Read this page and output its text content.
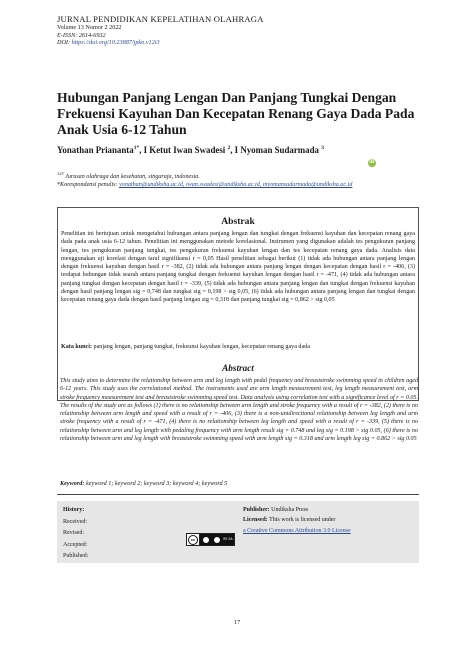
JURNAL PENDIDIKAN KEPELATIHAN OLAHRAGA
Volume 13 Nomor 2 2022
E-ISSN: 2614-6932
DOI: https://doi.org/10.23887/jpko.v12i3
Hubungan Panjang Lengan Dan Panjang Tungkai Dengan Frekuensi Kayuhan Dan Kecepatan Renang Gaya Dada Pada Anak Usia 6-12 Tahun
Yonathan Priananta$^{1*}$, I Ketut Iwan Swadesi $^2$, I Nyoman Sudarmada $^3$
iD
$^{123}$ Jurusan olahraga dan kesehatan, singaraja, indonesia.
*Korespondensi penulis: yonathan@undiksha.ac.id, iwan.swadesi@undiksha.ac.id, inyomansudarmada@undiksha.ac.id
Abstrak
Penelitian ini bertujuan untuk mengetahui hubungan antara panjang lengan dan tungkai dengan frekuensi kayuhan dan kecepatan renang gaya dada pada anak usia 6-12 tahun. Penelitian ini menggunakan metode korelasional. Instrumen yang digunakan adalah tes pengukuran panjang lengan, tes pengukuran panjang tungkai, tes pengukuran frekuensi kayuhan lengan dan tes kecepatan renang gaya dada. Analisis data menggunakan uji korelasi dengan taraf signifikansi r = 0,05 Hasil penelitian sebagai berikut (1) tidak ada hubungan antara panjang lengan dengan frekuensi kayuhan dengan hasil r = -382, (2) tidak ada hubungan antara panjang lengan dengan kecepatan dengan hasil r = -406, (3) terdapat hubungan tidak searah antara panjang tungkai dengan frekuensi kayuhan lengan dengan hasil r = -471, (4) tidak ada hubungan antara panjang tungkai dengan kecepatan dengan hasil r = -339, (5) tidak ada hubungan antara panjang lengan dan tungkai dengan frekuensi kayuhan dengan hasil panjang lengan sig = 0,748 dan tungkai sig = 0,198 > sig 0,05, (6) tidak ada hubungan antara panjang lengan dan tungkai dengan kecepatan renang gaya dada dengan hasil panjang lengan sig = 0,318 dan panjang tungkai sig = 0,862 > sig 0,05
Kata kunci: panjang lengan, panjang tungkai, frekeunsi kayuhan lengan, kecepatan renang gaya dada
Abstract
This study aims to determine the relationship between arm and leg length with pedal frequency and breaststroke swimming speed in children aged 6-12 years. This study uses the correlational method. The instruments used are arm length measurement test, leg length measurement test, arm stroke frequency measurement test and breaststroke swimming speed test. Data analysis using correlation test with a significance level of r = 0.05. The results of the study are as follows (1) there is no relationship between arm length and stroke frequency with a result of r = -382, (2) there is no relationship between arm length and speed with a result of r = -406, (3) there is a non-unidirectional relationship between leg length and arm stroke frequency with a result of r = -471, (4) there is no relationship between leg length and speed with a result of r = -339, (5) there is no relationship between arm and leg length with pedaling frequency with arm length result sig = 0.748 and leg sig = 0.198 > sig 0.05, (6) there is no relationship between arm and leg length with breaststroke swimming speed with arm length sig = 0.318 and arm length leg sig = 0.862 > sig 0.05
Keyword: keyword 1; keyword 2; keyword 3; keyword 4; keyword 5
History:
Received:
Revised:
Accepted:
Published:
Publisher: Undiksha Press
Licensed: This work is licensed under
a Creative Commons Attribution 3.0 License
cc	BY SA
17
